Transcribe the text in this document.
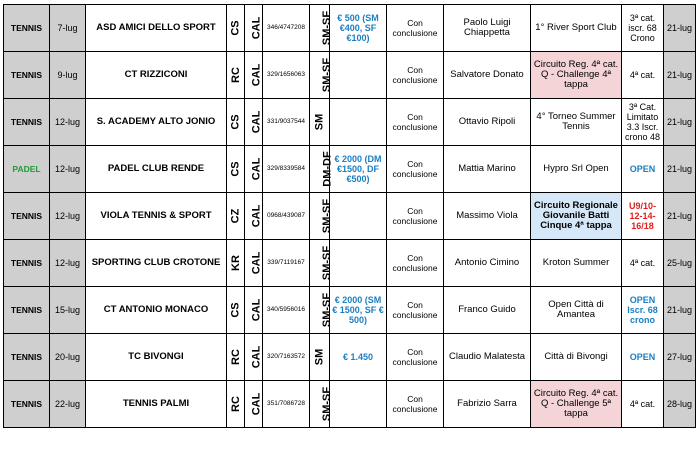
TENNIS	7-lug	ASD AMICI DELLO SPORT	CS	CAL	346/4747208	SM-SF	€ 500 (SM €400, SF €100)	Con conclusione	Paolo Luigi Chiappetta	1° River Sport Club	3ª cat. iscr. 68 Crono	21-lug
TENNIS	9-lug	CT RIZZICONI	RC	CAL	329/1656063	SM-SF		Con conclusione	Salvatore Donato	Circuito Reg. 4ª cat. Q - Challenge 4ª tappa	4ª cat.	21-lug
TENNIS	12-lug	S. ACADEMY ALTO JONIO	CS	CAL	331/9037544	SM		Con conclusione	Ottavio Ripoli	4° Torneo Summer Tennis	3ª Cat. Limitato 3.3 Iscr. crono 48	21-lug
PADEL	12-lug	PADEL CLUB RENDE	CS	CAL	329/8339584	DM-DF	€ 2000 (DM €1500, DF €500)	Con conclusione	Mattia Marino	Hypro Srl Open	OPEN	21-lug
TENNIS	12-lug	VIOLA TENNIS & SPORT	CZ	CAL	0968/439087	SM-SF		Con conclusione	Massimo Viola	Circuito Regionale Giovanile Batti Cinque 4ª tappa	U9/10-12-14-16/18	21-lug
TENNIS	12-lug	SPORTING CLUB CROTONE	KR	CAL	339/7119167	SM-SF		Con conclusione	Antonio Cimino	Kroton Summer	4ª cat.	25-lug
TENNIS	15-lug	CT ANTONIO MONACO	CS	CAL	340/5956016	SM-SF	€ 2000 (SM € 1500, SF € 500)	Con conclusione	Franco Guido	Open Città di Amantea	OPEN Iscr. 68 crono	21-lug
TENNIS	20-lug	TC BIVONGI	RC	CAL	320/7163572	SM	€ 1.450	Con conclusione	Claudio Malatesta	Città di Bivongi	OPEN	27-lug
TENNIS	22-lug	TENNIS PALMI	RC	CAL	351/7086728	SM-SF		Con conclusione	Fabrizio Sarra	Circuito Reg. 4ª cat. Q - Challenge 5ª tappa	4ª cat.	28-lug
